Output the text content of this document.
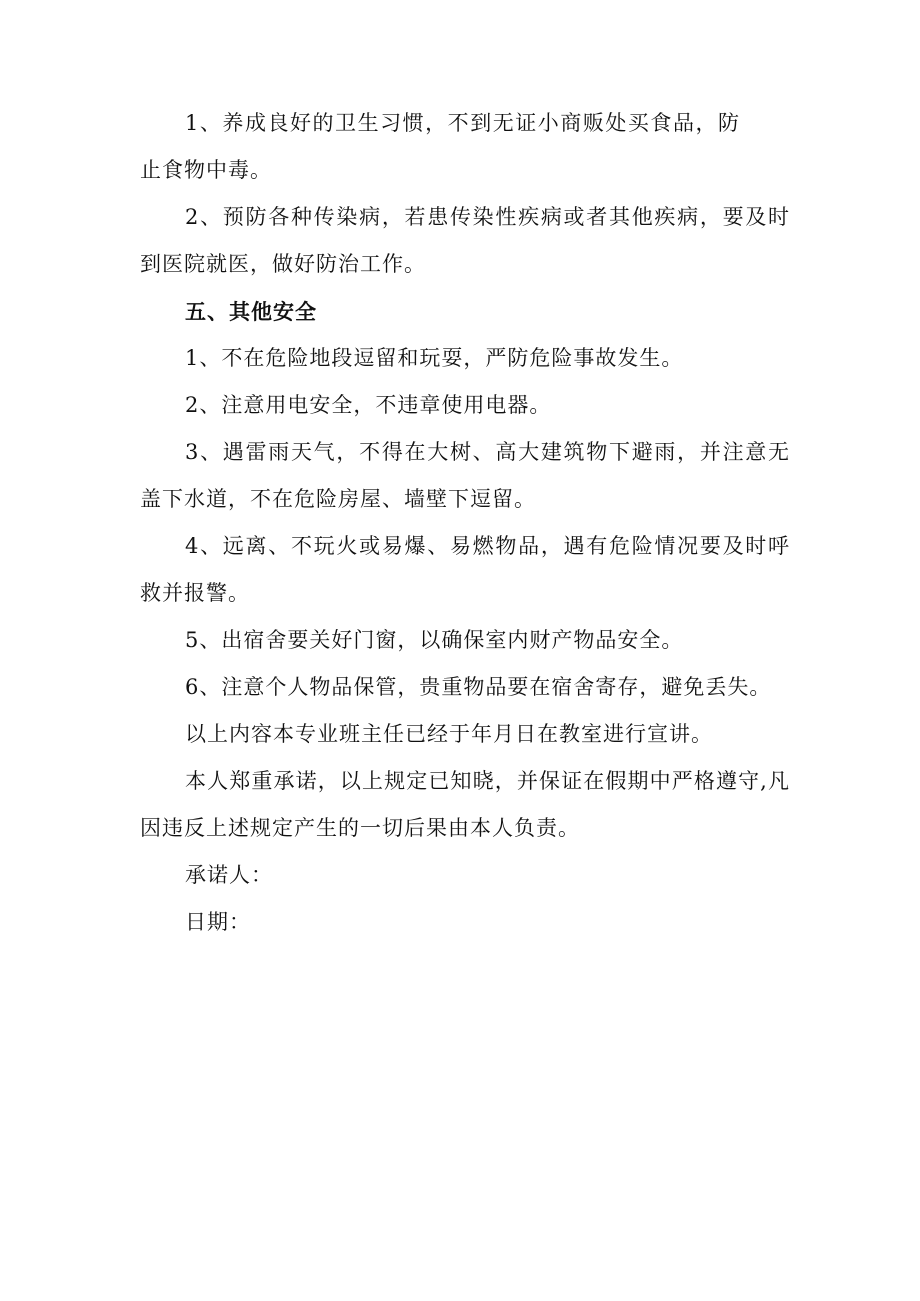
1、养成良好的卫生习惯，不到无证小商贩处买食品，防止食物中毒。

2、预防各种传染病，若患传染性疾病或者其他疾病，要及时到医院就医，做好防治工作。

五、其他安全

1、不在危险地段逗留和玩耍，严防危险事故发生。

2、注意用电安全，不违章使用电器。

3、遇雷雨天气，不得在大树、高大建筑物下避雨，并注意无盖下水道，不在危险房屋、墙壁下逗留。

4、远离、不玩火或易爆、易燃物品，遇有危险情况要及时呼救并报警。

5、出宿舍要关好门窗，以确保室内财产物品安全。

6、注意个人物品保管，贵重物品要在宿舍寄存，避免丢失。

以上内容本专业班主任已经于年月日在教室进行宣讲。

本人郑重承诺，以上规定已知晓，并保证在假期中严格遵守,凡因违反上述规定产生的一切后果由本人负责。

承诺人：

日期：
